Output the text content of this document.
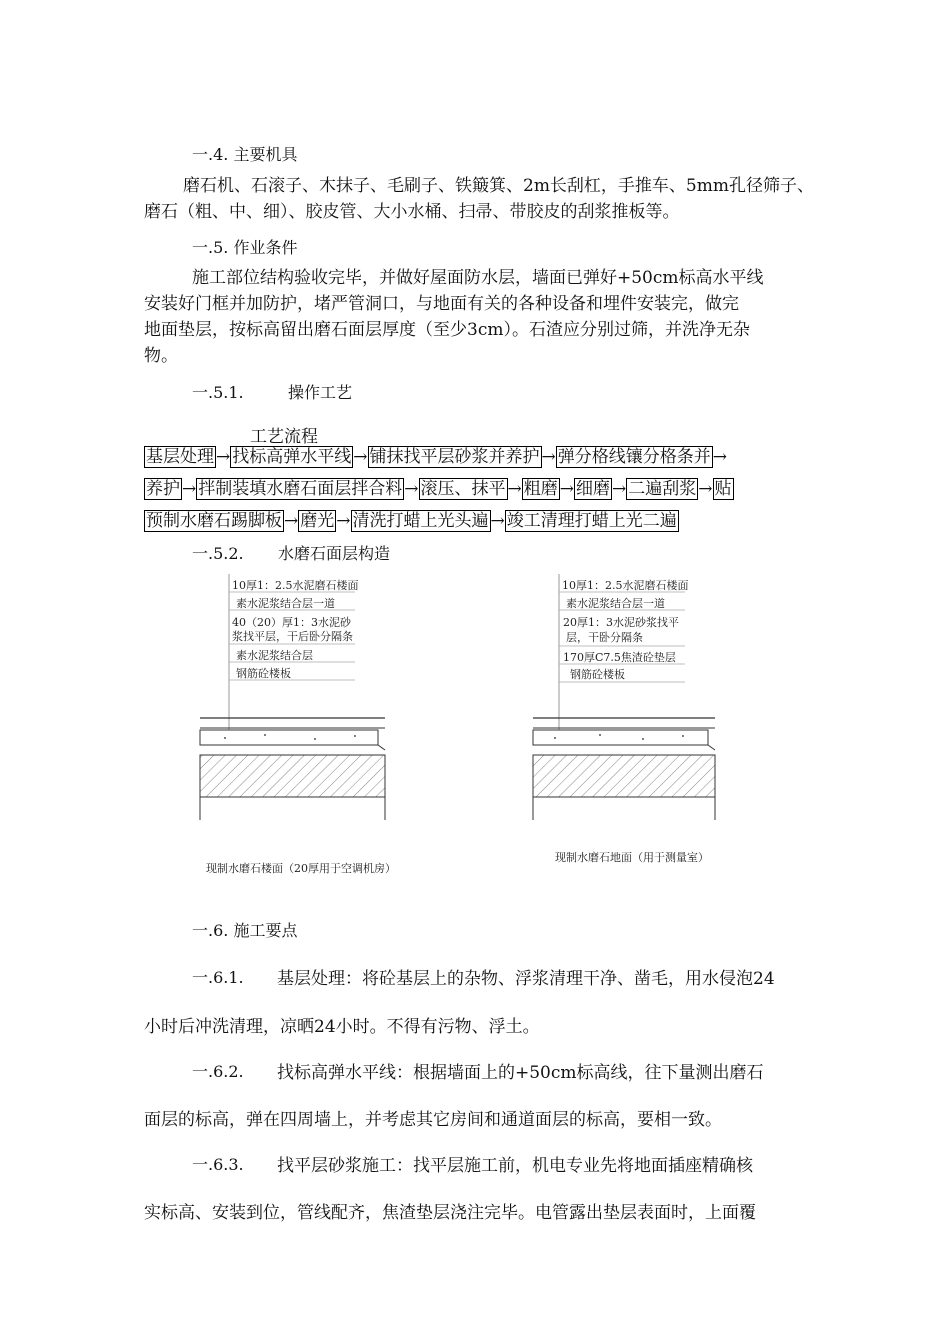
一.4. 主要机具
磨石机、石滚子、木抹子、毛刷子、铁簸箕、2m长刮杠，手推车、5mm孔径筛子、
磨石（粗、中、细）、胶皮管、大小水桶、扫帚、带胶皮的刮浆推板等。
一.5. 作业条件
施工部位结构验收完毕，并做好屋面防水层，墙面已弹好+50cm标高水平线
安装好门框并加防护，堵严管洞口，与地面有关的各种设备和埋件安装完，做完
地面垫层，按标高留出磨石面层厚度（至少3cm）。石渣应分别过筛，并洗净无杂
物。
一.5.1.	操作工艺
工艺流程
基层处理 → 找标高弹水平线 → 铺抹找平层砂浆并养护 → 弹分格线镶分格条并 →
养护 → 拌制装填水磨石面层拌合料 → 滚压、抹平 → 粗磨 → 细磨 → 二遍刮浆 → 贴
预制水磨石踢脚板 → 磨光 → 清洗打蜡上光头遍 → 竣工清理打蜡上光二遍
一.5.2. 水磨石面层构造
10厚1：2.5水泥磨石楼面
素水泥浆结合层一道
40（20）厚1：3水泥砂
浆找平层，干后卧分隔条
素水泥浆结合层
钢筋砼楼板
现制水磨石楼面（20厚用于空调机房）
10厚1：2.5水泥磨石楼面
素水泥浆结合层一道
20厚1：3水泥砂浆找平
层，干卧分隔条
170厚C7.5焦渣砼垫层
钢筋砼楼板
现制水磨石地面（用于测量室）
一.6. 施工要点
一.6.1. 基层处理：将砼基层上的杂物、浮浆清理干净、凿毛，用水侵泡24
小时后冲洗清理，凉晒24小时。不得有污物、浮土。
一.6.2. 找标高弹水平线：根据墙面上的+50cm标高线，往下量测出磨石
面层的标高，弹在四周墙上，并考虑其它房间和通道面层的标高，要相一致。
一.6.3. 找平层砂浆施工：找平层施工前，机电专业先将地面插座精确核
实标高、安装到位，管线配齐，焦渣垫层浇注完毕。电管露出垫层表面时，上面覆
